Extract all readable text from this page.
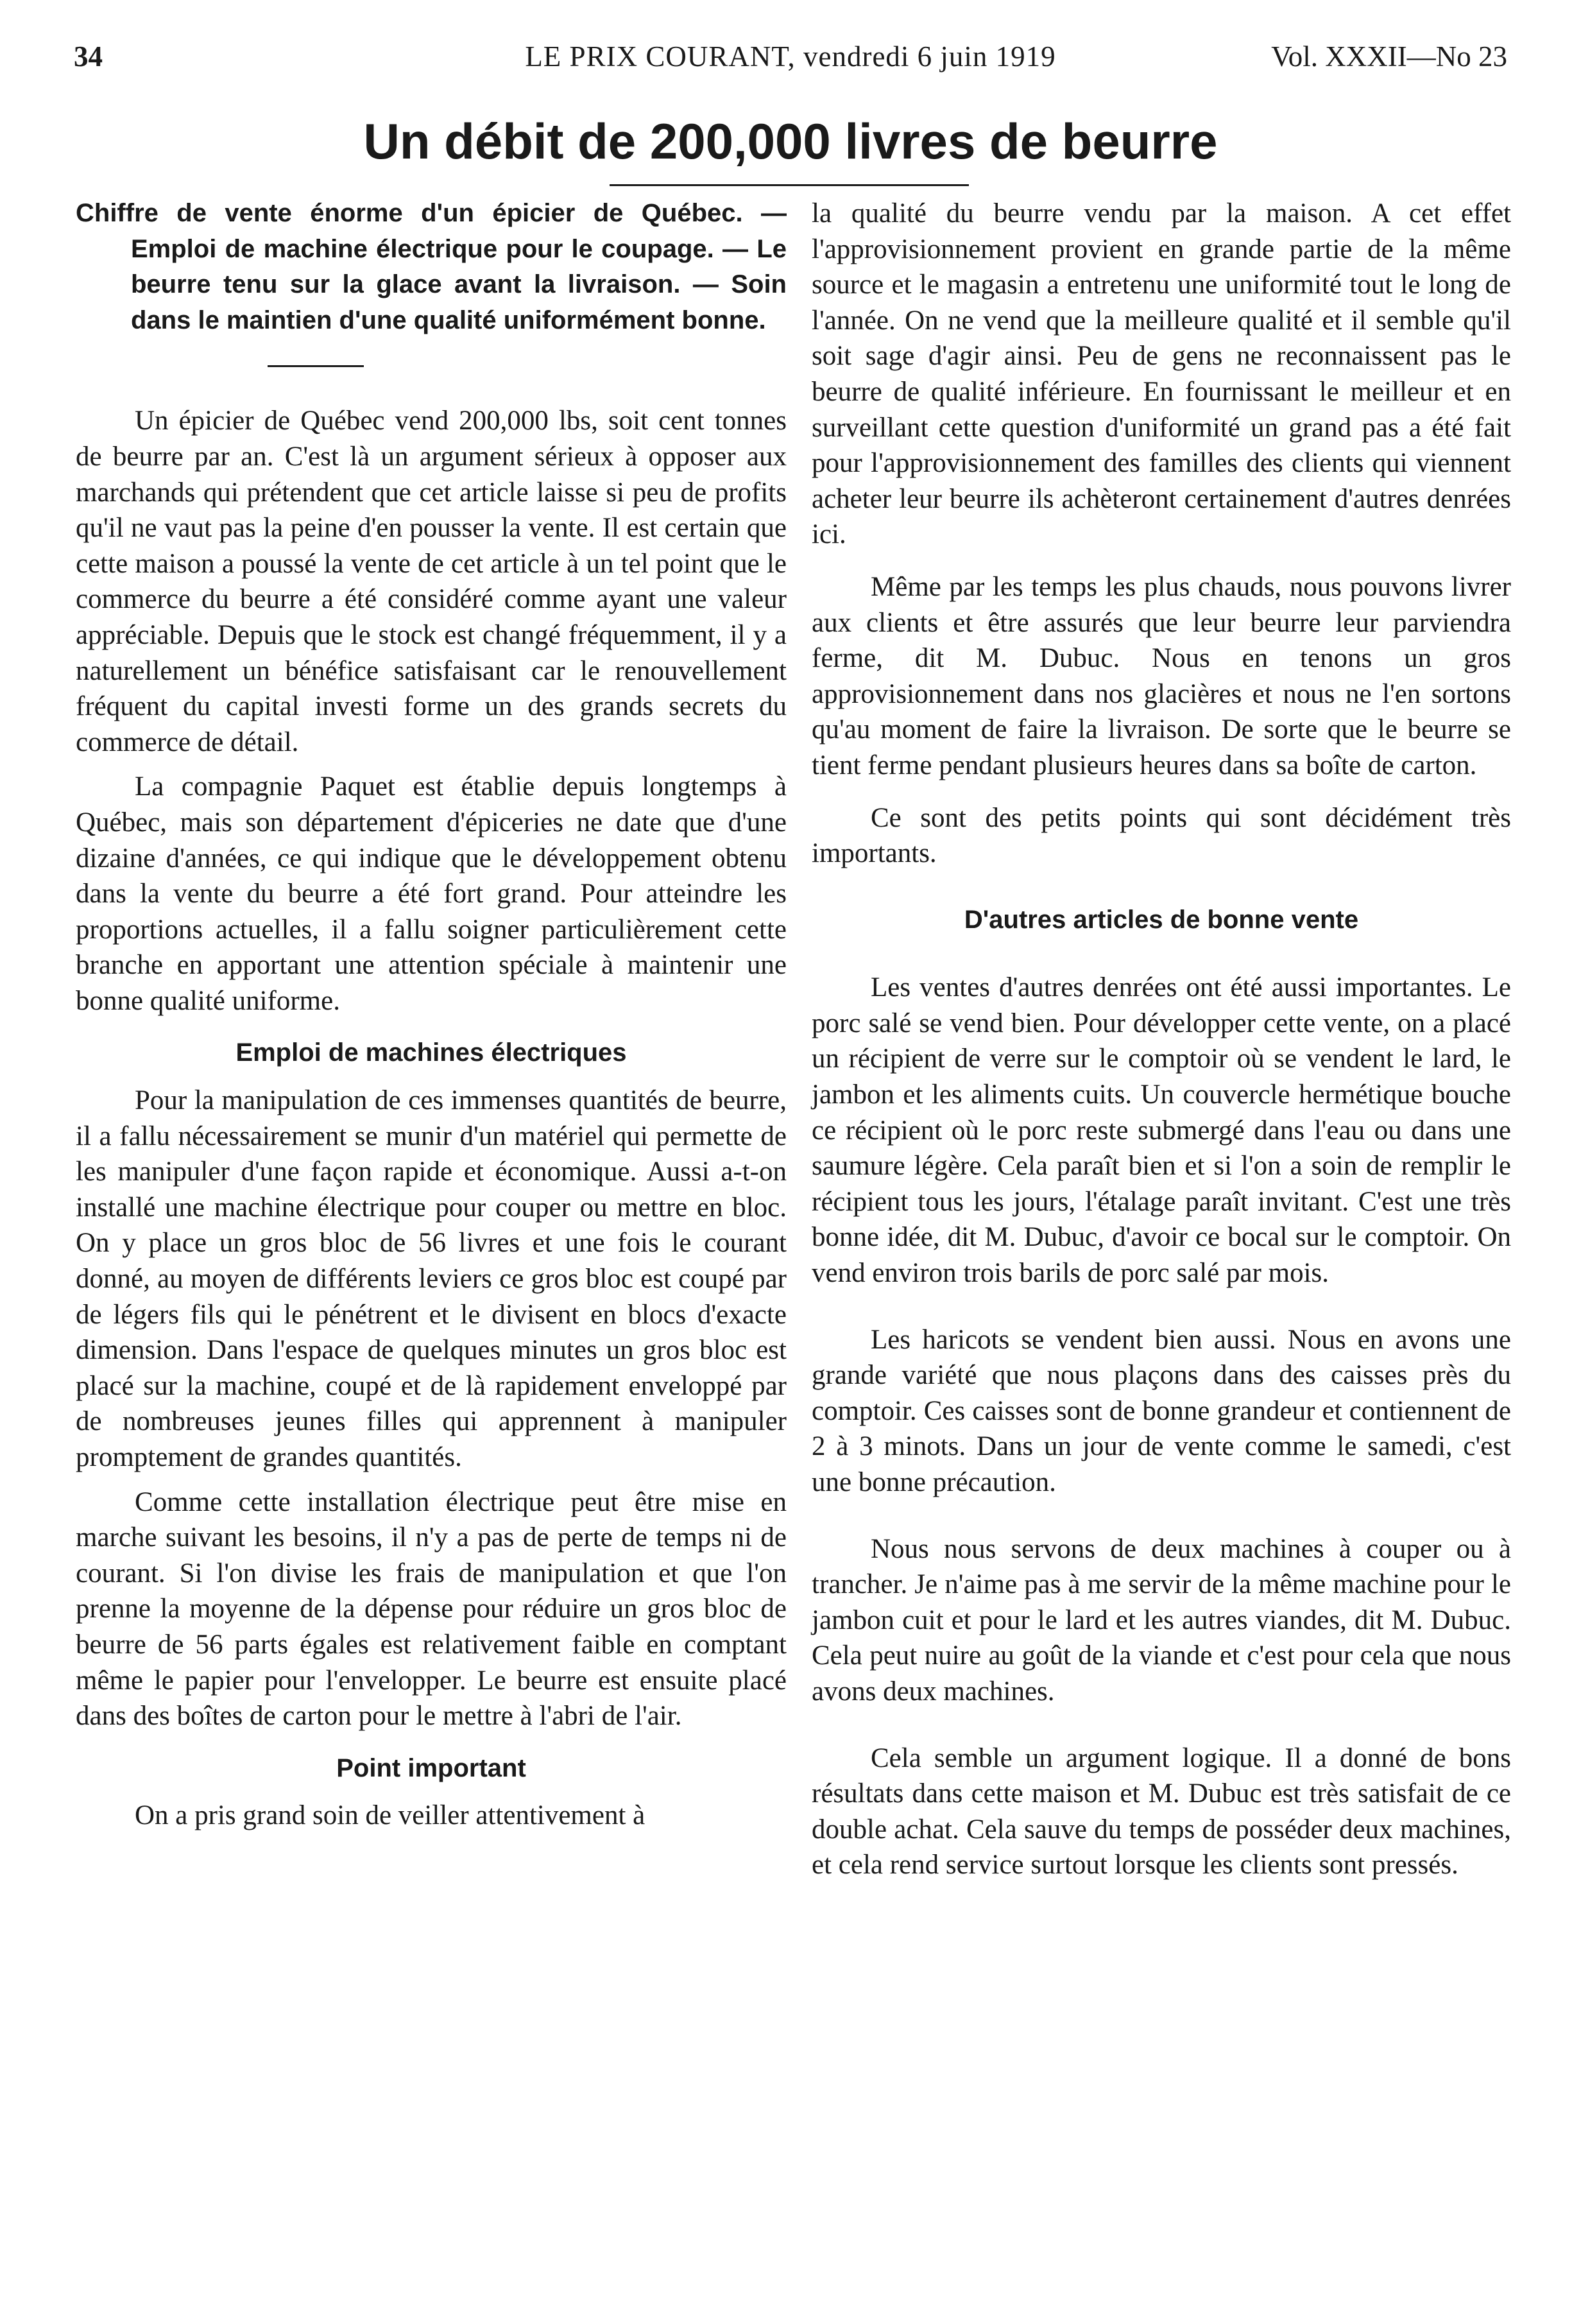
34	LE PRIX COURANT, vendredi 6 juin 1919	Vol. XXXII—No 23
Un débit de 200,000 livres de beurre

Chiffre de vente énorme d'un épicier de Québec. — Emploi de machine électrique pour le coupage. — Le beurre tenu sur la glace avant la livraison. — Soin dans le maintien d'une qualité uniformément bonne.

Un épicier de Québec vend 200,000 lbs, soit cent tonnes de beurre par an. C'est là un argument sérieux à opposer aux marchands qui prétendent que cet article laisse si peu de profits qu'il ne vaut pas la peine d'en pousser la vente. Il est certain que cette maison a poussé la vente de cet article à un tel point que le commerce du beurre a été considéré comme ayant une valeur appréciable. Depuis que le stock est changé fréquemment, il y a naturellement un bénéfice satisfaisant car le renouvellement fréquent du capital investi forme un des grands secrets du commerce de détail.

La compagnie Paquet est établie depuis longtemps à Québec, mais son département d'épiceries ne date que d'une dizaine d'années, ce qui indique que le développement obtenu dans la vente du beurre a été fort grand. Pour atteindre les proportions actuelles, il a fallu soigner particulièrement cette branche en apportant une attention spéciale à maintenir une bonne qualité uniforme.

Emploi de machines électriques

Pour la manipulation de ces immenses quantités de beurre, il a fallu nécessairement se munir d'un matériel qui permette de les manipuler d'une façon rapide et économique. Aussi a-t-on installé une machine électrique pour couper ou mettre en bloc. On y place un gros bloc de 56 livres et une fois le courant donné, au moyen de différents leviers ce gros bloc est coupé par de légers fils qui le pénétrent et le divisent en blocs d'exacte dimension. Dans l'espace de quelques minutes un gros bloc est placé sur la machine, coupé et de là rapidement enveloppé par de nombreuses jeunes filles qui apprennent à manipuler promptement de grandes quantités.

Comme cette installation électrique peut être mise en marche suivant les besoins, il n'y a pas de perte de temps ni de courant. Si l'on divise les frais de manipulation et que l'on prenne la moyenne de la dépense pour réduire un gros bloc de beurre de 56 parts égales est relativement faible en comptant même le papier pour l'envelopper. Le beurre est ensuite placé dans des boîtes de carton pour le mettre à l'abri de l'air.

Point important

On a pris grand soin de veiller attentivement à

la qualité du beurre vendu par la maison. A cet effet l'approvisionnement provient en grande partie de la même source et le magasin a entretenu une uniformité tout le long de l'année. On ne vend que la meilleure qualité et il semble qu'il soit sage d'agir ainsi. Peu de gens ne reconnaissent pas le beurre de qualité inférieure. En fournissant le meilleur et en surveillant cette question d'uniformité un grand pas a été fait pour l'approvisionnement des familles des clients qui viennent acheter leur beurre ils achèteront certainement d'autres denrées ici.

Même par les temps les plus chauds, nous pouvons livrer aux clients et être assurés que leur beurre leur parviendra ferme, dit M. Dubuc. Nous en tenons un gros approvisionnement dans nos glacières et nous ne l'en sortons qu'au moment de faire la livraison. De sorte que le beurre se tient ferme pendant plusieurs heures dans sa boîte de carton.

Ce sont des petits points qui sont décidément très importants.

D'autres articles de bonne vente

Les ventes d'autres denrées ont été aussi importantes. Le porc salé se vend bien. Pour développer cette vente, on a placé un récipient de verre sur le comptoir où se vendent le lard, le jambon et les aliments cuits. Un couvercle hermétique bouche ce récipient où le porc reste submergé dans l'eau ou dans une saumure légère. Cela paraît bien et si l'on a soin de remplir le récipient tous les jours, l'étalage paraît invitant. C'est une très bonne idée, dit M. Dubuc, d'avoir ce bocal sur le comptoir. On vend environ trois barils de porc salé par mois.

Les haricots se vendent bien aussi. Nous en avons une grande variété que nous plaçons dans des caisses près du comptoir. Ces caisses sont de bonne grandeur et contiennent de 2 à 3 minots. Dans un jour de vente comme le samedi, c'est une bonne précaution.

Nous nous servons de deux machines à couper ou à trancher. Je n'aime pas à me servir de la même machine pour le jambon cuit et pour le lard et les autres viandes, dit M. Dubuc. Cela peut nuire au goût de la viande et c'est pour cela que nous avons deux machines.

Cela semble un argument logique. Il a donné de bons résultats dans cette maison et M. Dubuc est très satisfait de ce double achat. Cela sauve du temps de posséder deux machines, et cela rend service surtout lorsque les clients sont pressés.
